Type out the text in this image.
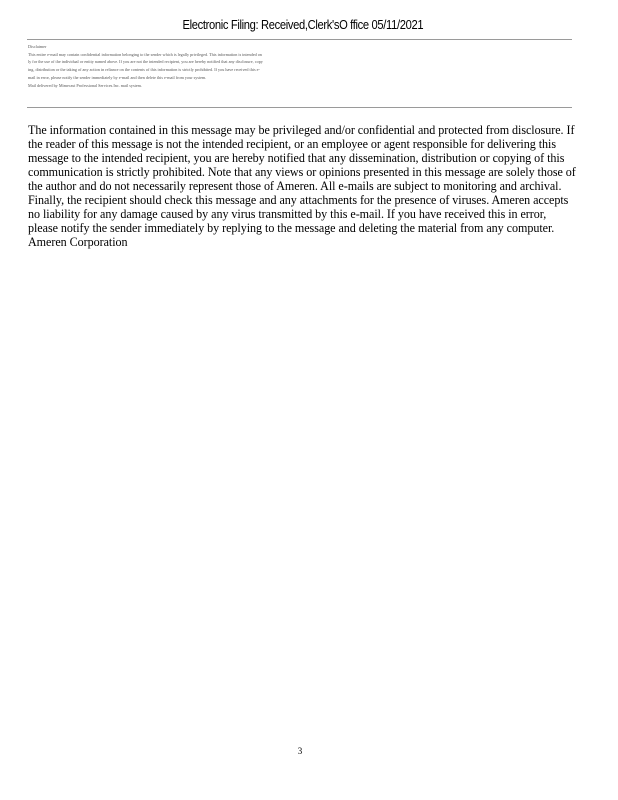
Electronic Filing: Received,Clerk'sO ffice 05/11/2021

Disclaimer

This entire e-mail may contain confidential information belonging to the sender which is legally privileged. This information is intended only for the use of the individual or entity named above. If you are not the intended recipient, you are hereby notified that any disclosure, copying, distribution or the taking of any action in reliance on the contents of this information is strictly prohibited. If you have received this e-mail in error, please notify the sender immediately by e-mail and then delete this e-mail from your system.

Mail delivered by Mimecast Professional Services.Inc. mail system.

The information contained in this message may be privileged and/or confidential and protected from disclosure. If the reader of this message is not the intended recipient, or an employee or agent responsible for delivering this message to the intended recipient, you are hereby notified that any dissemination, distribution or copying of this communication is strictly prohibited. Note that any views or opinions presented in this message are solely those of the author and do not necessarily represent those of Ameren. All e-mails are subject to monitoring and archival. Finally, the recipient should check this message and any attachments for the presence of viruses. Ameren accepts no liability for any damage caused by any virus transmitted by this e-mail. If you have received this in error, please notify the sender immediately by replying to the message and deleting the material from any computer. Ameren Corporation

3
